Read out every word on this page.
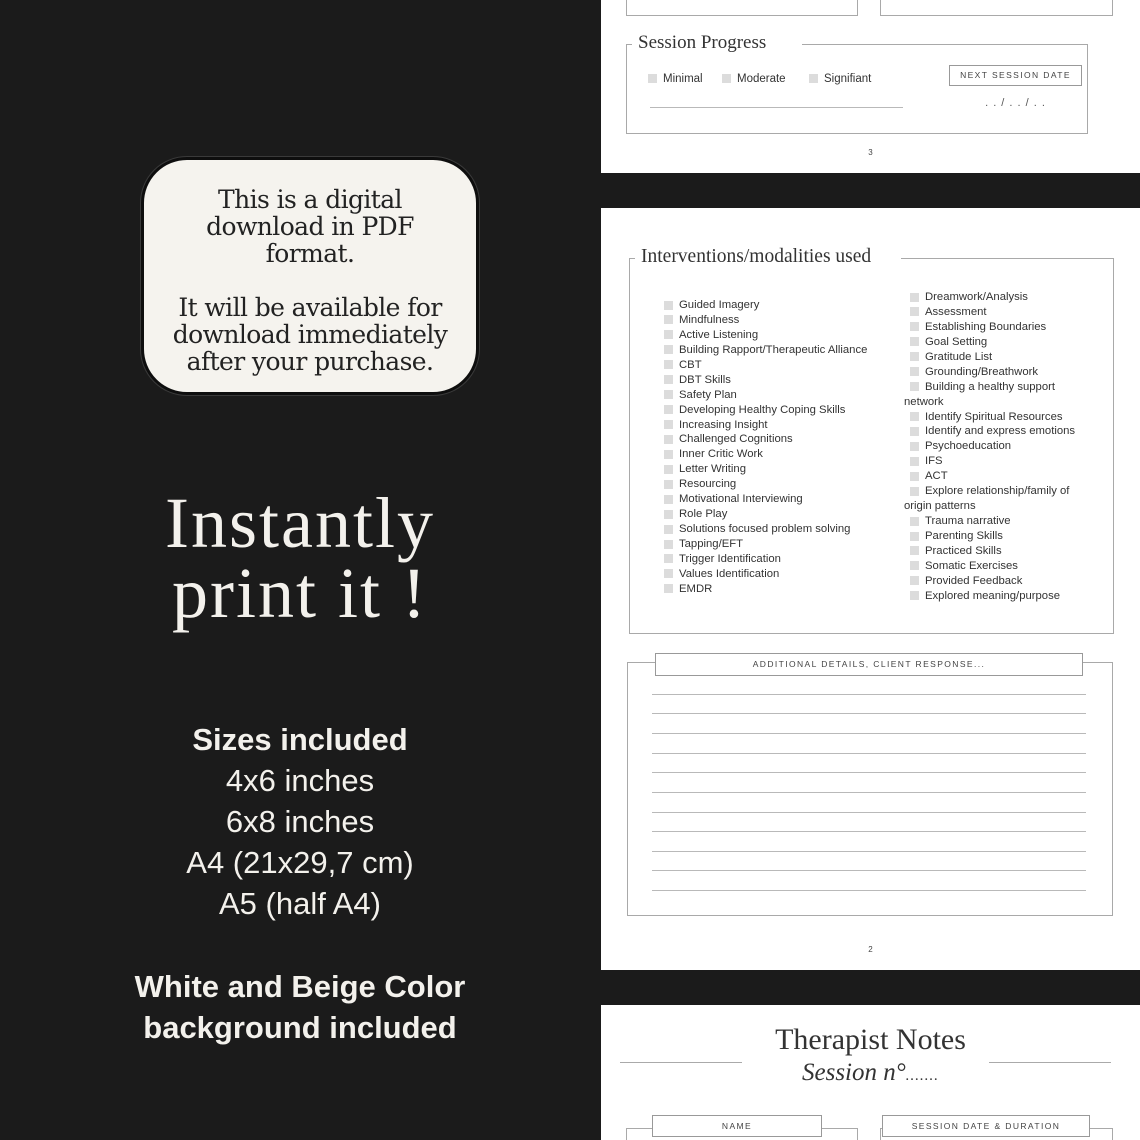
This is a digital download in PDF format.

It will be available for download immediately after your purchase.

Instantly
print it !
Sizes included
4x6 inches
6x8 inches
A4 (21x29,7 cm)
A5 (half A4)
White and Beige Color
background included
Session Progress
Minimal	Moderate	Signifiant	NEXT SESSION DATE
. . / . . / . .
3
Interventions/modalities used
Guided Imagery
Mindfulness
Active Listening
Building Rapport/Therapeutic Alliance
CBT
DBT Skills
Safety Plan
Developing Healthy Coping Skills
Increasing Insight
Challenged Cognitions
Inner Critic Work
Letter Writing
Resourcing
Motivational Interviewing
Role Play
Solutions focused problem solving
Tapping/EFT
Trigger Identification
Values Identification
EMDR
Dreamwork/Analysis
Assessment
Establishing Boundaries
Goal Setting
Gratitude List
Grounding/Breathwork
Building a healthy support
network
Identify Spiritual Resources
Identify and express emotions
Psychoeducation
IFS
ACT
Explore relationship/family of
origin patterns
Trauma narrative
Parenting Skills
Practiced Skills
Somatic Exercises
Provided Feedback
Explored meaning/purpose
ADDITIONAL DETAILS, CLIENT RESPONSE...
2
Therapist Notes
Session n°.......
NAME	SESSION DATE & DURATION
